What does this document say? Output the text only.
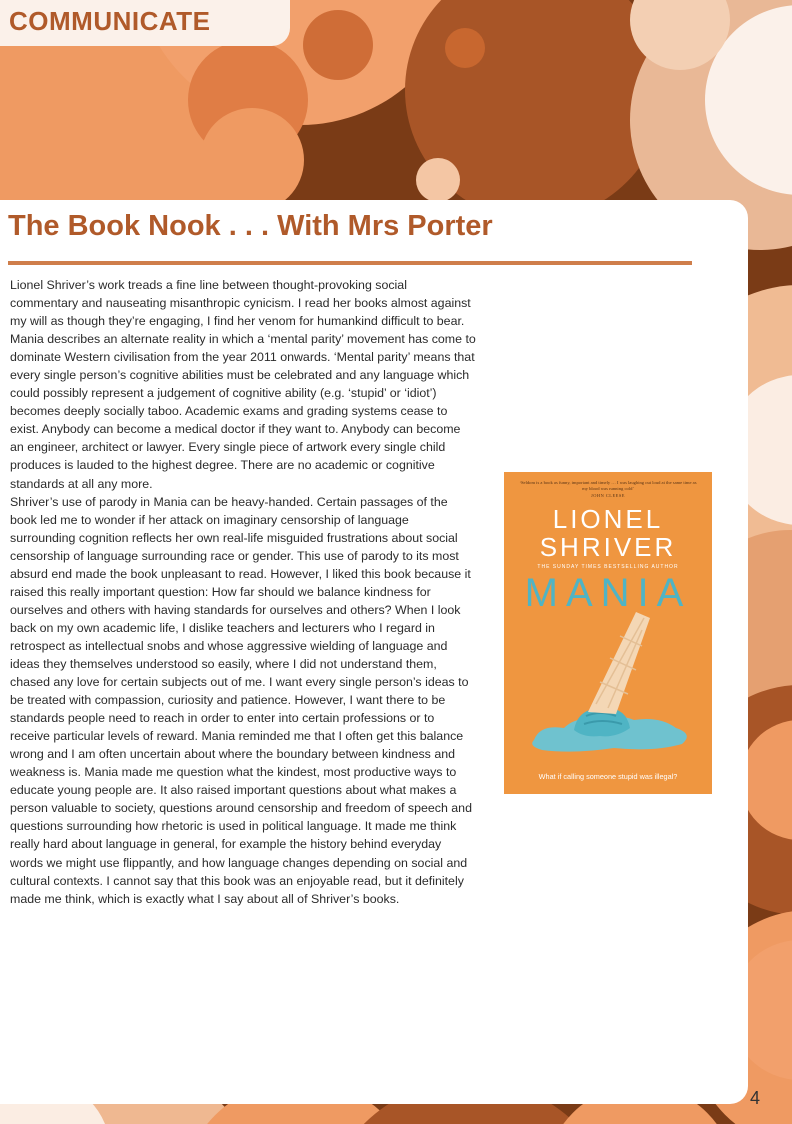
COMMUNICATE
The Book Nook . . . With Mrs Porter

Lionel Shriver’s work treads a fine line between thought-provoking social commentary and nauseating misanthropic cynicism. I read her books almost against my will as though they’re engaging, I find her venom for humankind difficult to bear. Mania describes an alternate reality in which a ‘mental parity’ movement has come to dominate Western civilisation from the year 2011 onwards. ‘Mental parity’ means that every single person’s cognitive abilities must be celebrated and any language which could possibly represent a judgement of cognitive ability (e.g. ‘stupid’ or ‘idiot’) becomes deeply socially taboo. Academic exams and grading systems cease to exist. Anybody can become a medical doctor if they want to. Anybody can become an engineer, architect or lawyer. Every single piece of artwork every single child produces is lauded to the highest degree. There are no academic or cognitive standards at all any more.

Shriver’s use of parody in Mania can be heavy-handed. Certain passages of the book led me to wonder if her attack on imaginary censorship of language surrounding cognition reflects her own real-life misguided frustrations about social censorship of language surrounding race or gender. This use of parody to its most absurd end made the book unpleasant to read. However, I liked this book because it raised this really important question: How far should we balance kindness for ourselves and others with having standards for ourselves and others? When I look back on my own academic life, I dislike teachers and lecturers who I regard in retrospect as intellectual snobs and whose aggressive wielding of language and ideas they themselves understood so easily, where I did not understand them, chased any love for certain subjects out of me. I want every single person’s ideas to be treated with compassion, curiosity and patience. However, I want there to be standards people need to reach in order to enter into certain professions or to receive particular levels of reward. Mania reminded me that I often get this balance wrong and I am often uncertain about where the boundary between kindness and weakness is. Mania made me question what the kindest, most productive ways to educate young people are. It also raised important questions about what makes a person valuable to society, questions around censorship and freedom of speech and questions surrounding how rhetoric is used in political language. It made me think really hard about language in general, for example the history behind everyday words we might use flippantly, and how language changes depending on social and cultural contexts. I cannot say that this book was an enjoyable read, but it definitely made me think, which is exactly what I say about all of Shriver’s books.

‘Seldom is a book as funny, important and timely … I was laughing out loud at the same time as my blood was running cold’
JOHN CLEESE
LIONEL
SHRIVER
THE SUNDAY TIMES BESTSELLING AUTHOR
MANIA
What if calling someone stupid was illegal?
4
